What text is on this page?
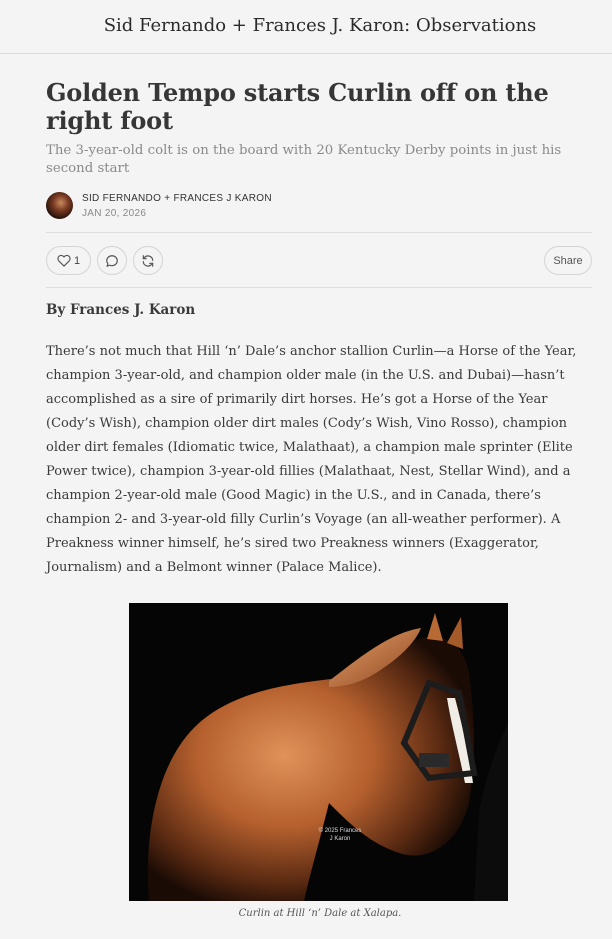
Sid Fernando + Frances J. Karon: Observations
Golden Tempo starts Curlin off on the right foot
The 3-year-old colt is on the board with 20 Kentucky Derby points in just his second start
SID FERNANDO + FRANCES J KARON
JAN 20, 2026
1	Share
By Frances J. Karon
There’s not much that Hill ‘n’ Dale’s anchor stallion Curlin—a Horse of the Year, champion 3-year-old, and champion older male (in the U.S. and Dubai)—hasn’t accomplished as a sire of primarily dirt horses. He’s got a Horse of the Year (Cody’s Wish), champion older dirt males (Cody’s Wish, Vino Rosso), champion older dirt females (Idiomatic twice, Malathaat), a champion male sprinter (Elite Power twice), champion 3-year-old fillies (Malathaat, Nest, Stellar Wind), and a champion 2-year-old male (Good Magic) in the U.S., and in Canada, there’s champion 2- and 3-year-old filly Curlin’s Voyage (an all-weather performer). A Preakness winner himself, he’s sired two Preakness winners (Exaggerator, Journalism) and a Belmont winner (Palace Malice).
© 2025 Frances
J Karon
Curlin at Hill ‘n’ Dale at Xalapa.
